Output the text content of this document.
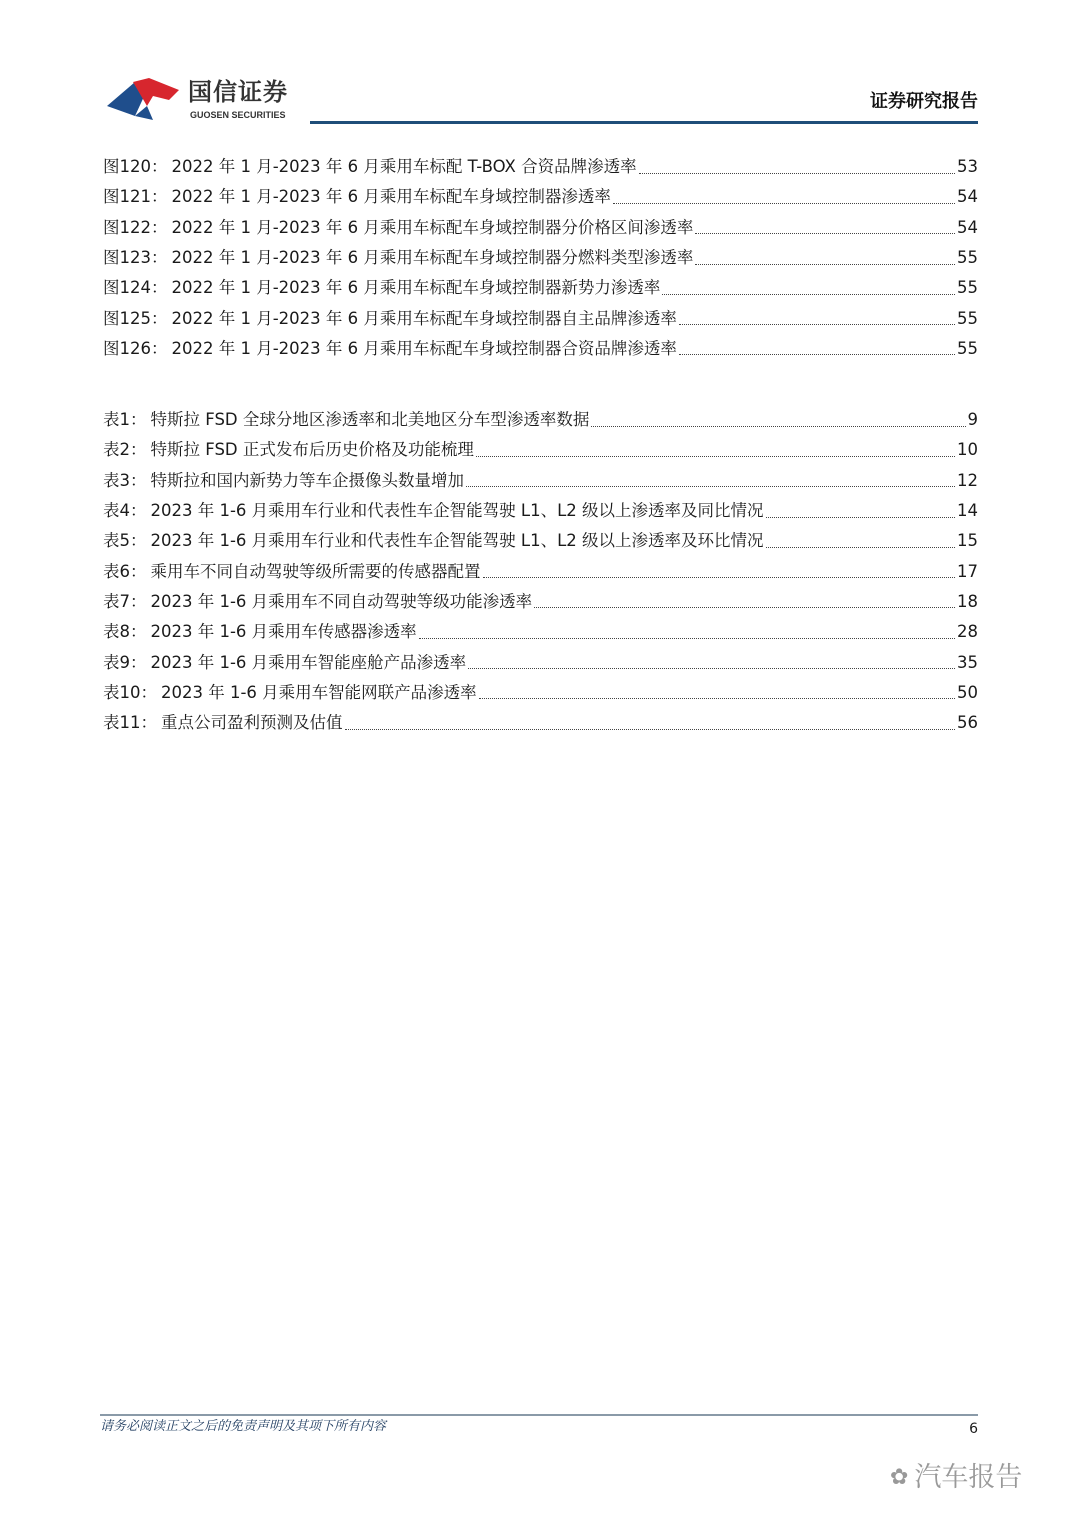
国信证券
GUOSEN SECURITIES
证券研究报告
图120： 2022 年 1 月-2023 年 6 月乘用车标配 T-BOX 合资品牌渗透率	53
图121： 2022 年 1 月-2023 年 6 月乘用车标配车身域控制器渗透率	54
图122： 2022 年 1 月-2023 年 6 月乘用车标配车身域控制器分价格区间渗透率	54
图123： 2022 年 1 月-2023 年 6 月乘用车标配车身域控制器分燃料类型渗透率	55
图124： 2022 年 1 月-2023 年 6 月乘用车标配车身域控制器新势力渗透率	55
图125： 2022 年 1 月-2023 年 6 月乘用车标配车身域控制器自主品牌渗透率	55
图126： 2022 年 1 月-2023 年 6 月乘用车标配车身域控制器合资品牌渗透率	55
表1： 特斯拉 FSD 全球分地区渗透率和北美地区分车型渗透率数据	9
表2： 特斯拉 FSD 正式发布后历史价格及功能梳理	10
表3： 特斯拉和国内新势力等车企摄像头数量增加	12
表4： 2023 年 1-6 月乘用车行业和代表性车企智能驾驶 L1、L2 级以上渗透率及同比情况	14
表5： 2023 年 1-6 月乘用车行业和代表性车企智能驾驶 L1、L2 级以上渗透率及环比情况	15
表6： 乘用车不同自动驾驶等级所需要的传感器配置	17
表7： 2023 年 1-6 月乘用车不同自动驾驶等级功能渗透率	18
表8： 2023 年 1-6 月乘用车传感器渗透率	28
表9： 2023 年 1-6 月乘用车智能座舱产品渗透率	35
表10： 2023 年 1-6 月乘用车智能网联产品渗透率	50
表11： 重点公司盈利预测及估值	56
请务必阅读正文之后的免责声明及其项下所有内容	6
✿ 汽车报告
